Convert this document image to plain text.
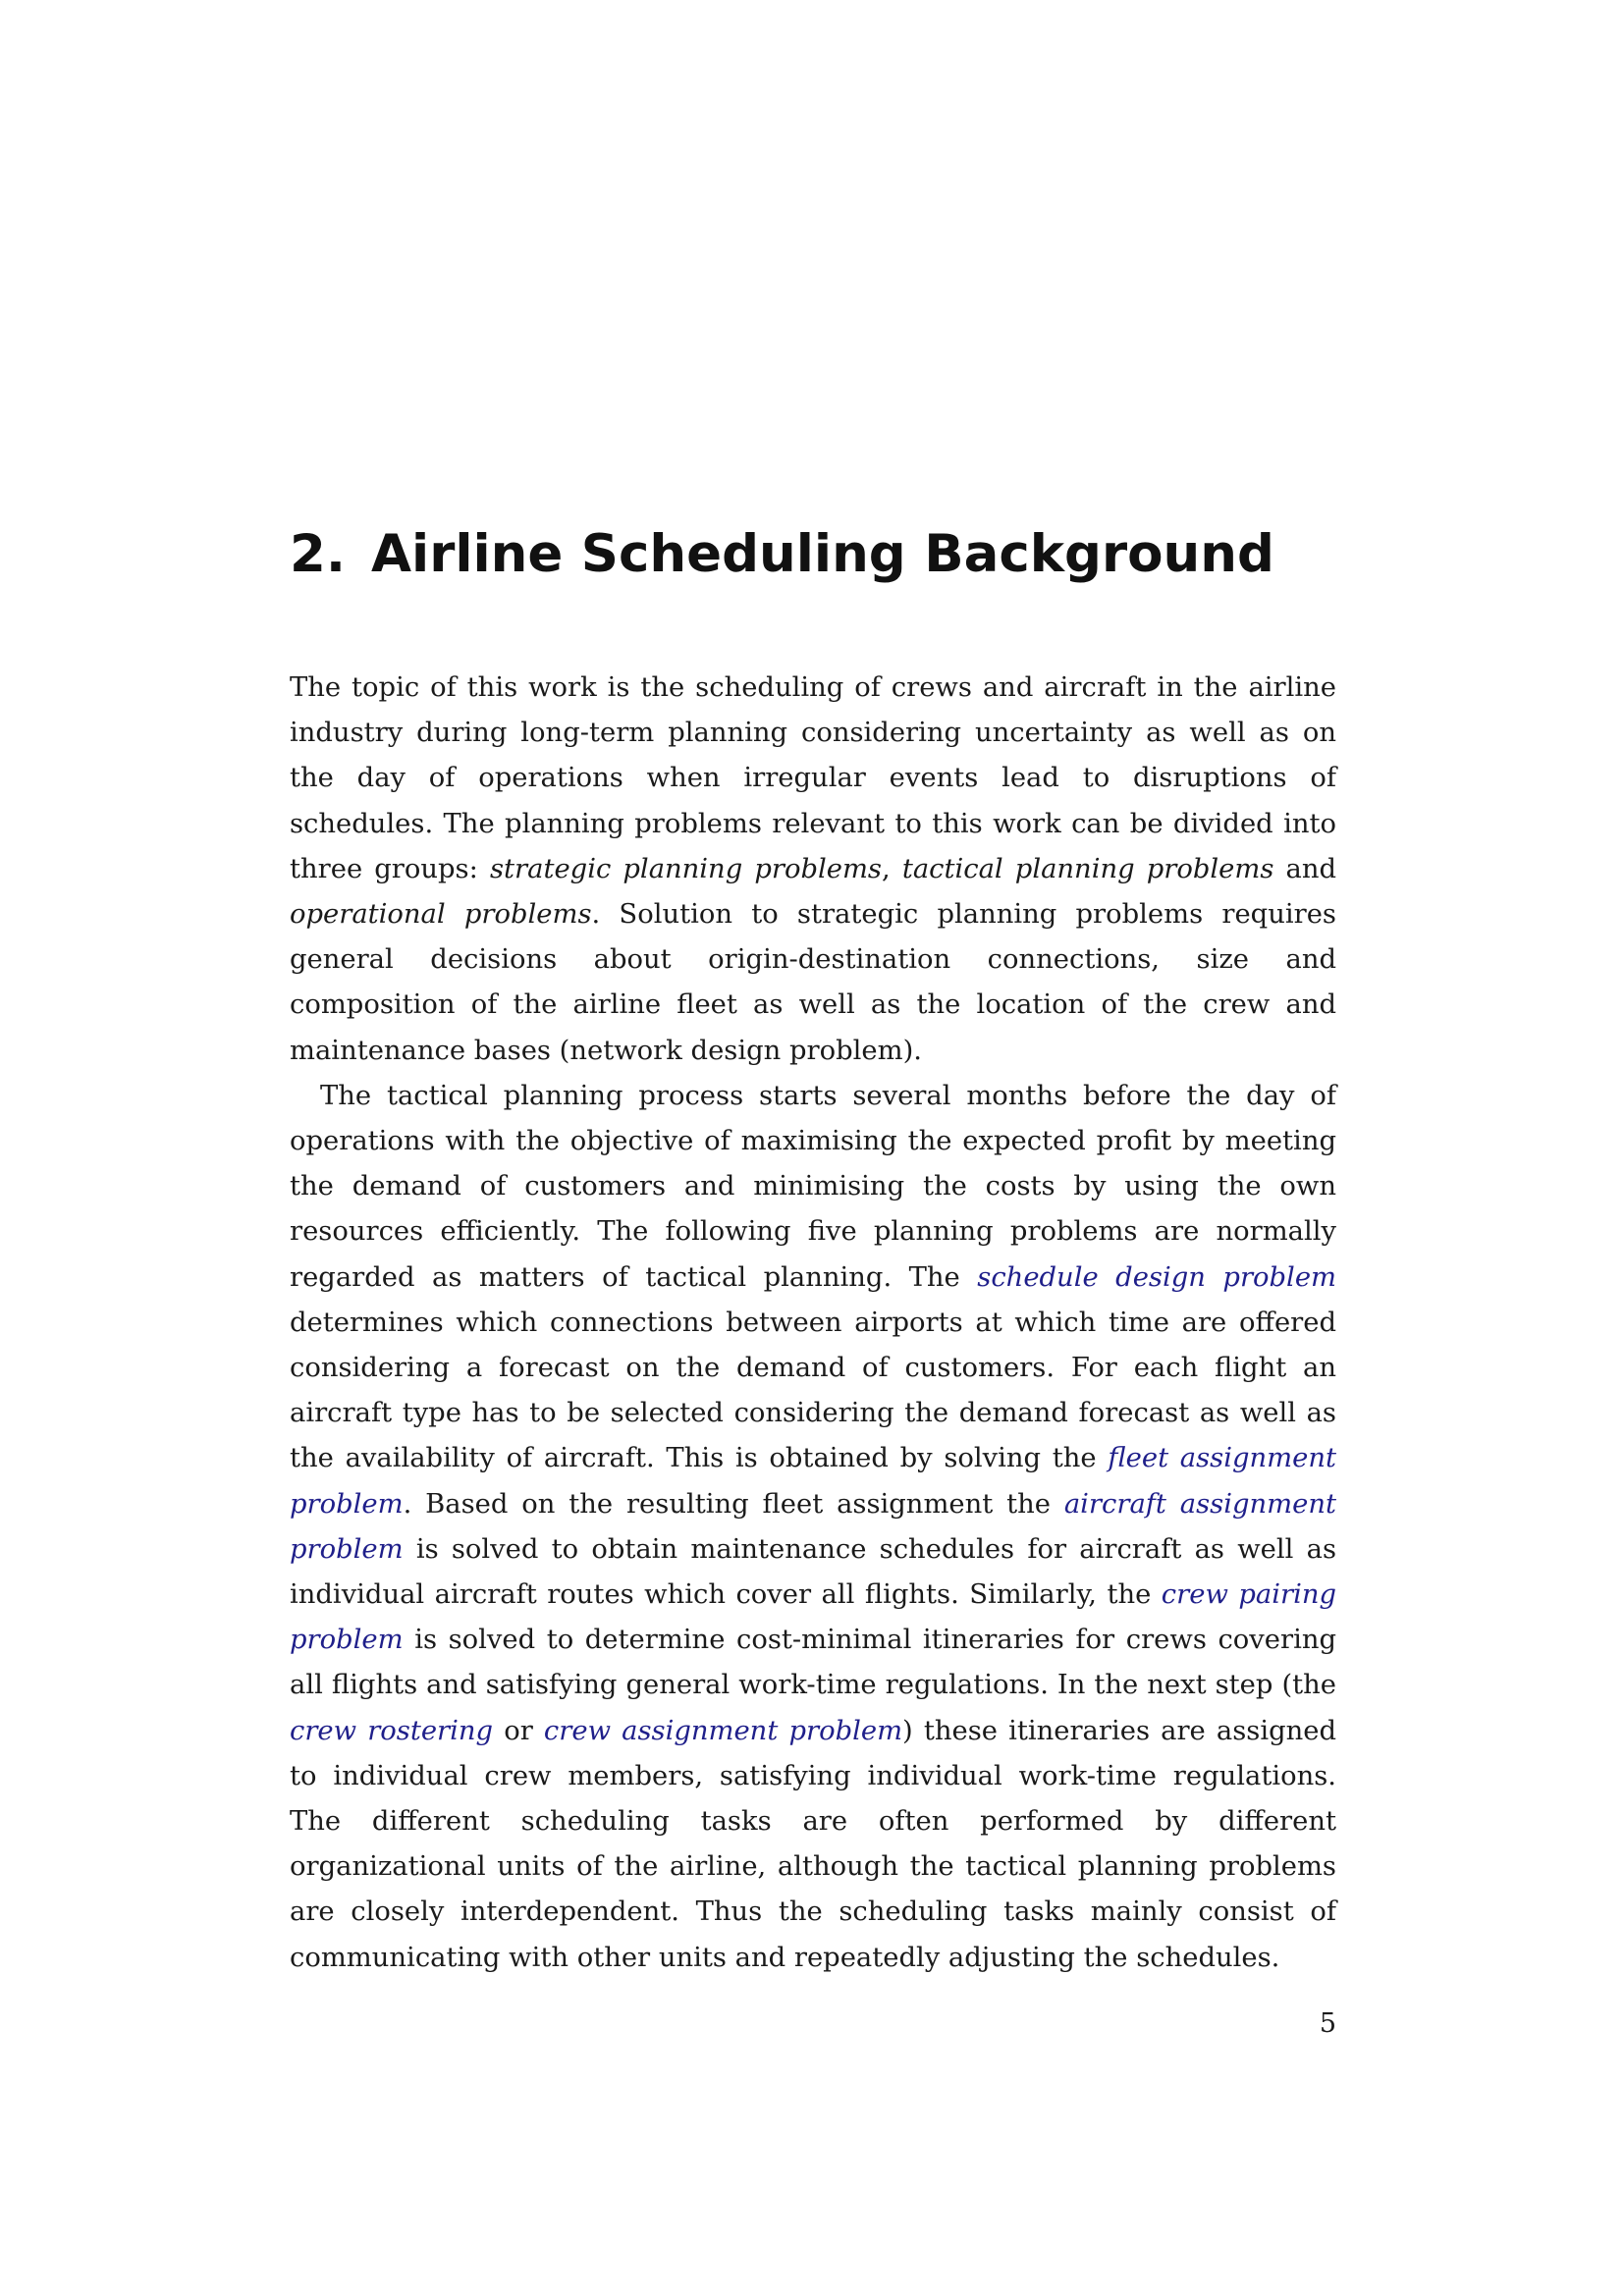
2. Airline Scheduling Background

The topic of this work is the scheduling of crews and aircraft in the airline industry during long-term planning considering uncertainty as well as on the day of operations when irregular events lead to disruptions of schedules. The planning problems relevant to this work can be divided into three groups: strategic planning problems, tactical planning problems and operational problems. Solution to strategic planning problems requires general decisions about origin-destination connections, size and composition of the airline fleet as well as the location of the crew and maintenance bases (network design problem).

The tactical planning process starts several months before the day of operations with the objective of maximising the expected profit by meeting the demand of customers and minimising the costs by using the own resources efficiently. The following five planning problems are normally regarded as matters of tactical planning. The schedule design problem determines which connections between airports at which time are offered considering a forecast on the demand of customers. For each flight an aircraft type has to be selected considering the demand forecast as well as the availability of aircraft. This is obtained by solving the fleet assignment problem. Based on the resulting fleet assignment the aircraft assignment problem is solved to obtain maintenance schedules for aircraft as well as individual aircraft routes which cover all flights. Similarly, the crew pairing problem is solved to determine cost-minimal itineraries for crews covering all flights and satisfying general work-time regulations. In the next step (the crew rostering or crew assignment problem) these itineraries are assigned to individual crew members, satisfying individual work-time regulations. The different scheduling tasks are often performed by different organizational units of the airline, although the tactical planning problems are closely interdependent. Thus the scheduling tasks mainly consist of communicating with other units and repeatedly adjusting the schedules.

5
